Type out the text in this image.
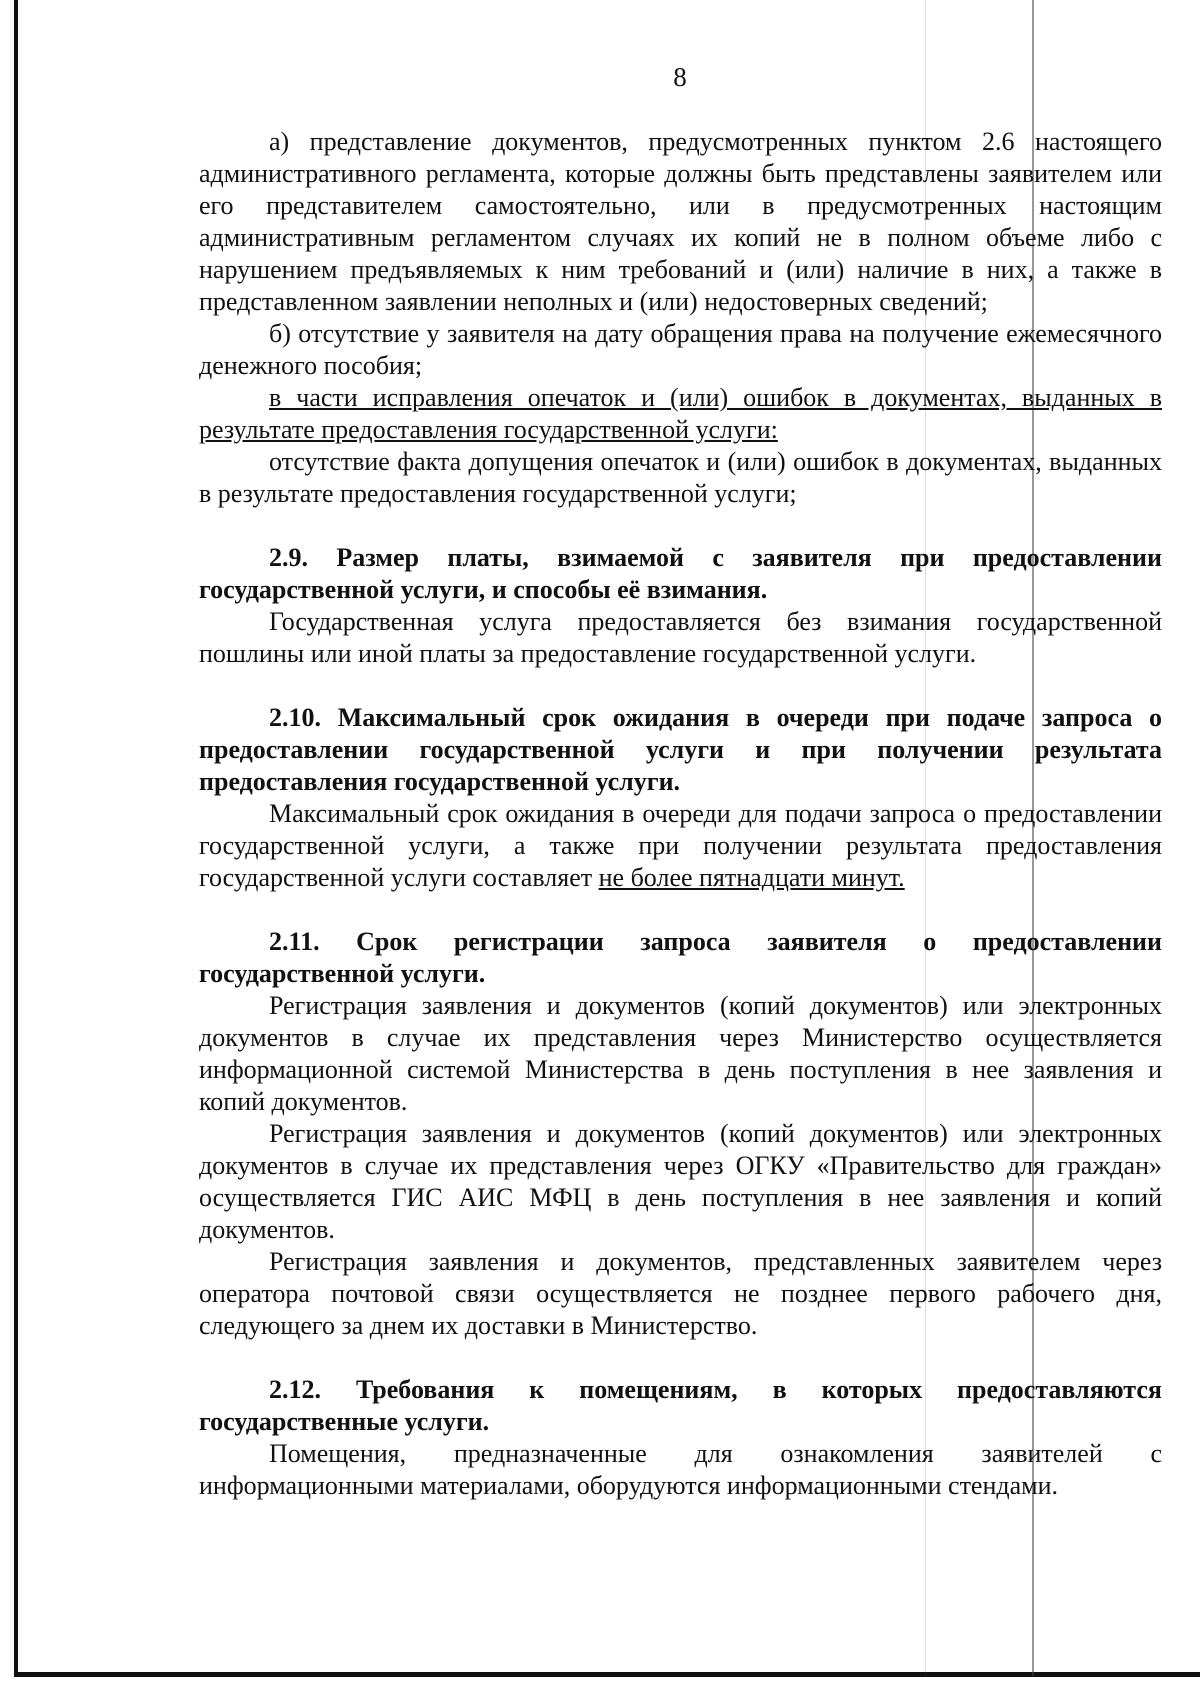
8

а) представление документов, предусмотренных пунктом 2.6 настоящего административного регламента, которые должны быть представлены заявителем или его представителем самостоятельно, или в предусмотренных настоящим административным регламентом случаях их копий не в полном объеме либо с нарушением предъявляемых к ним требований и (или) наличие в них, а также в представленном заявлении неполных и (или) недостоверных сведений;

б) отсутствие у заявителя на дату обращения права на получение ежемесячного денежного пособия;

в части исправления опечаток и (или) ошибок в документах, выданных в результате предоставления государственной услуги:

отсутствие факта допущения опечаток и (или) ошибок в документах, выданных в результате предоставления государственной услуги;

2.9. Размер платы, взимаемой с заявителя при предоставлении государственной услуги, и способы её взимания.

Государственная услуга предоставляется без взимания государственной пошлины или иной платы за предоставление государственной услуги.

2.10. Максимальный срок ожидания в очереди при подаче запроса о предоставлении государственной услуги и при получении результата предоставления государственной услуги.

Максимальный срок ожидания в очереди для подачи запроса о предоставлении государственной услуги, а также при получении результата предоставления государственной услуги составляет не более пятнадцати минут.

2.11. Срок регистрации запроса заявителя о предоставлении государственной услуги.

Регистрация заявления и документов (копий документов) или электронных документов в случае их представления через Министерство осуществляется информационной системой Министерства в день поступления в нее заявления и копий документов.

Регистрация заявления и документов (копий документов) или электронных документов в случае их представления через ОГКУ «Правительство для граждан» осуществляется ГИС АИС МФЦ в день поступления в нее заявления и копий документов.

Регистрация заявления и документов, представленных заявителем через оператора почтовой связи осуществляется не позднее первого рабочего дня, следующего за днем их доставки в Министерство.

2.12. Требования к помещениям, в которых предоставляются государственные услуги.

Помещения, предназначенные для ознакомления заявителей с информационными материалами, оборудуются информационными стендами.
